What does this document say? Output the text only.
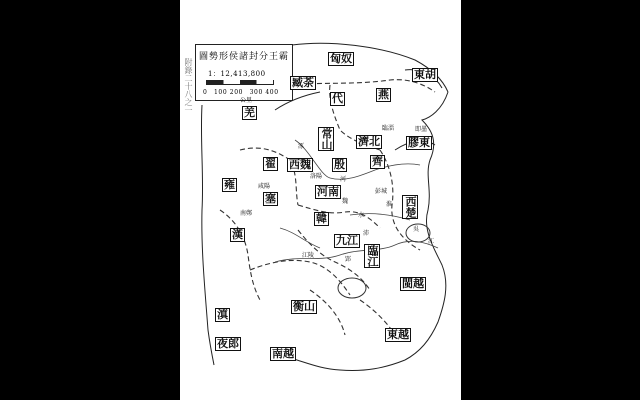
附錄二十八之一
圖勢形侯諸封分王霸
1：12,413,800
0　100 200　300 400
公里
匈奴
東胡
臧荼
代	燕
羌
常山 濟北	膠東
齊
翟 西魏 殷
雍
河南
塞	西楚
韓
漢	九江
臨江
閩越
衡山
滇
夜郎
東越
南越
涿
臨淄	即墨
洛陽	河
咸陽
彭城
魏	淮
南鄭	水
沛
吳
江
江陵
郢
